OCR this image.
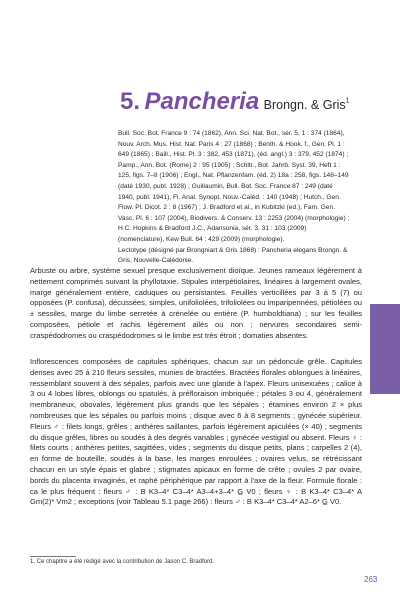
5. Pancheria Brongn. & Gris$^1$

Bull. Soc. Bot. France 9 : 74 (1862), Ann. Sci. Nat. Bot., sér. 5, 1 : 374 (1864), Nouv. Arch. Mus. Hist. Nat. Paris 4 : 27 (1868) ; Benth. & Hook. f., Gen. Pl. 1 : 649 (1865) ; Baill., Hist. Pl. 3 : 382, 453 (1871), (éd. angl.) 3 : 379, 452 (1874) ; Pamp., Ann. Bot. (Rome) 2 : 95 (1905) ; Schltr., Bot. Jahrb. Syst. 39, Heft 1 : 125, figs. 7–8 (1906) ; Engl., Nat. Pflanzenfam. (éd. 2) 18a : 258, figs. 148–149 (daté 1930, publ. 1928) ; Guillaumin, Bull. Bot. Soc. France 87 : 249 (daté 1940, publ. 1941), Fl. Anal. Synopt. Nouv.-Caléd. : 140 (1948) ; Hutch., Gen. Flow. Pl. Dicot. 2 : 8 (1967) ; J. Bradford et al., in Kubitzki (ed.), Fam. Gen. Vasc. Pl. 6 : 107 (2004), Biodivers. & Conserv. 13 : 2253 (2004) (morphologie) ; H.C. Hopkins & Bradford J.C., Adansonia, sér. 3, 31 : 103 (2009) (nomenclature), Kew Bull. 64 : 429 (2009) (morphologie).

Lectotype (désigné par Brongniart & Gris 1868) : Pancheria elegans Brongn. & Gris, Nouvelle-Calédonie.

Arbuste ou arbre, système sexuel presque exclusivement dioïque. Jeunes rameaux légèrement à nettement comprimés suivant la phyllotaxie. Stipules interpétiolaires, linéaires à largement ovales, marge généralement entière, caduques ou persistantes. Feuilles verticillées par 3 à 5 (7) ou opposées (P. confusa), décussées, simples, unifoliolées, trifoliolées ou imparipennées, pétiolées ou ± sessiles, marge du limbe serretée à crénelée ou entière (P. humboldtiana) ; sur les feuilles composées, pétiole et rachis légèrement ailés ou non ; nervures secondaires semi-craspédodromes ou craspédodromes si le limbe est très étroit ; domaties absentes.

Inflorescences composées de capitules sphériques, chacun sur un pédoncule grêle. Capitules denses avec 25 à 210 fleurs sessiles, munies de bractées. Bractées florales oblongues à linéaires, ressemblant souvent à des sépales, parfois avec une glande à l'apex. Fleurs unisexuées ; calice à 3 ou 4 lobes libres, oblongs ou spatulés, à préfloraison imbriquée ; pétales 3 ou 4, généralement membraneux, obovales, légèrement plus grands que les sépales ; étamines environ 2 × plus nombreuses que les sépales ou parfois moins ; disque avec 6 à 8 segments ; gynécée supérieur. Fleurs ♂ : filets longs, grêles ; anthères saillantes, parfois légèrement apiculées (× 40) ; segments du disque grêles, libres ou soudés à des degrés variables ; gynécée vestigial ou absent. Fleurs ♀ : filets courts ; anthères petites, sagittées, vides ; segments du disque petits, plans ; carpelles 2 (4), en forme de bouteille, soudés à la base, les marges enroulées ; ovaires velus, se rétrécissant chacun en un style épais et glabre ; stigmates apicaux en forme de crête ; ovules 2 par ovaire, bords du placenta invaginés, et raphé périphérique par rapport à l'axe de la fleur. Formule florale : ca le plus fréquent : fleurs ♂ : B K3–4* C3–4* A3–4+3–4* G̲ V0 ; fleurs ♀ : B K3–4* C3–4* A Gm(2)* Vm2 ; exceptions (voir Tableau 5.1 page 266) : fleurs ♂ : B K3–4* C3–4* A2–6* G̲ V0.

1. Ce chapitre a été rédigé avec la contribution de Jason C. Bradford.
263
